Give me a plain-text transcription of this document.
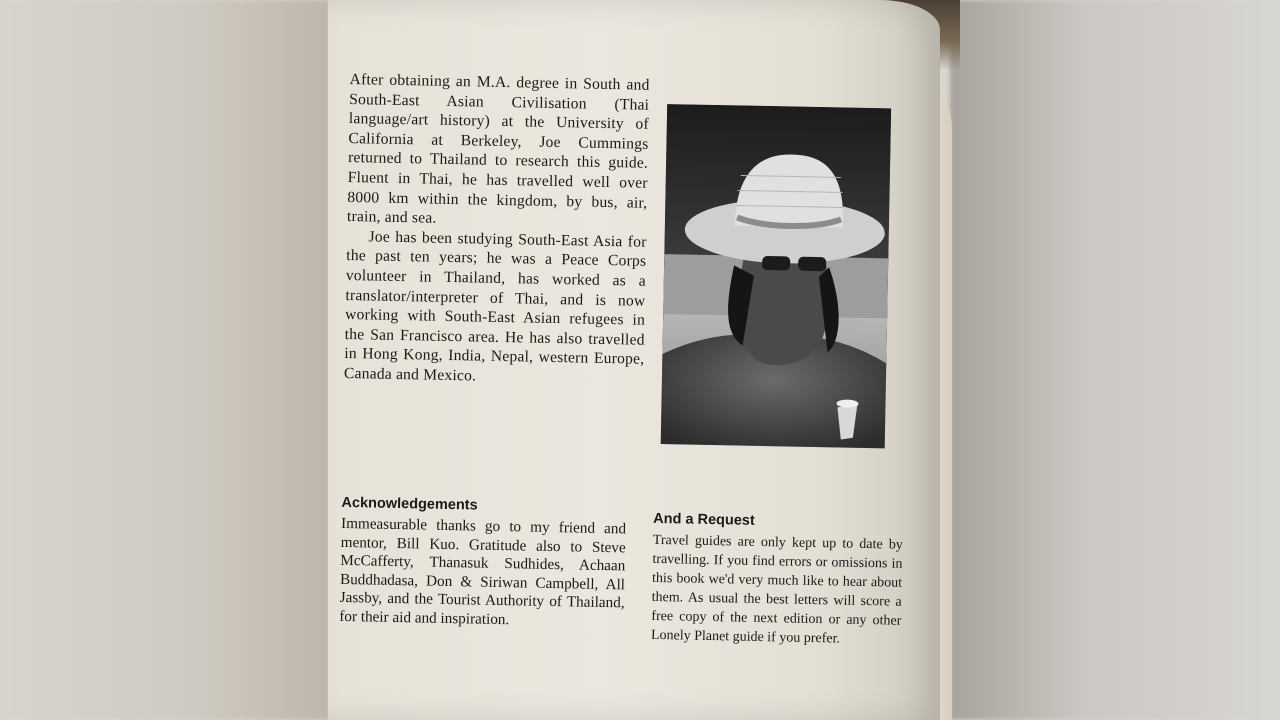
After obtaining an M.A. degree in South and South-East Asian Civilisation (Thai language/art history) at the University of California at Berkeley, Joe Cummings returned to Thailand to research this guide. Fluent in Thai, he has travelled well over 8000 km within the kingdom, by bus, air, train, and sea.

Joe has been studying South-East Asia for the past ten years; he was a Peace Corps volunteer in Thailand, has worked as a translator/interpreter of Thai, and is now working with South-East Asian refugees in the San Francisco area. He has also travelled in Hong Kong, India, Nepal, western Europe, Canada and Mexico.

Acknowledgements
Immeasurable thanks go to my friend and mentor, Bill Kuo. Gratitude also to Steve McCafferty, Thanasuk Sudhides, Achaan Buddhadasa, Don & Siriwan Campbell, All Jassby, and the Tourist Authority of Thailand, for their aid and inspiration.
And a Request
Travel guides are only kept up to date by travelling. If you find errors or omissions in this book we'd very much like to hear about them. As usual the best letters will score a free copy of the next edition or any other Lonely Planet guide if you prefer.
